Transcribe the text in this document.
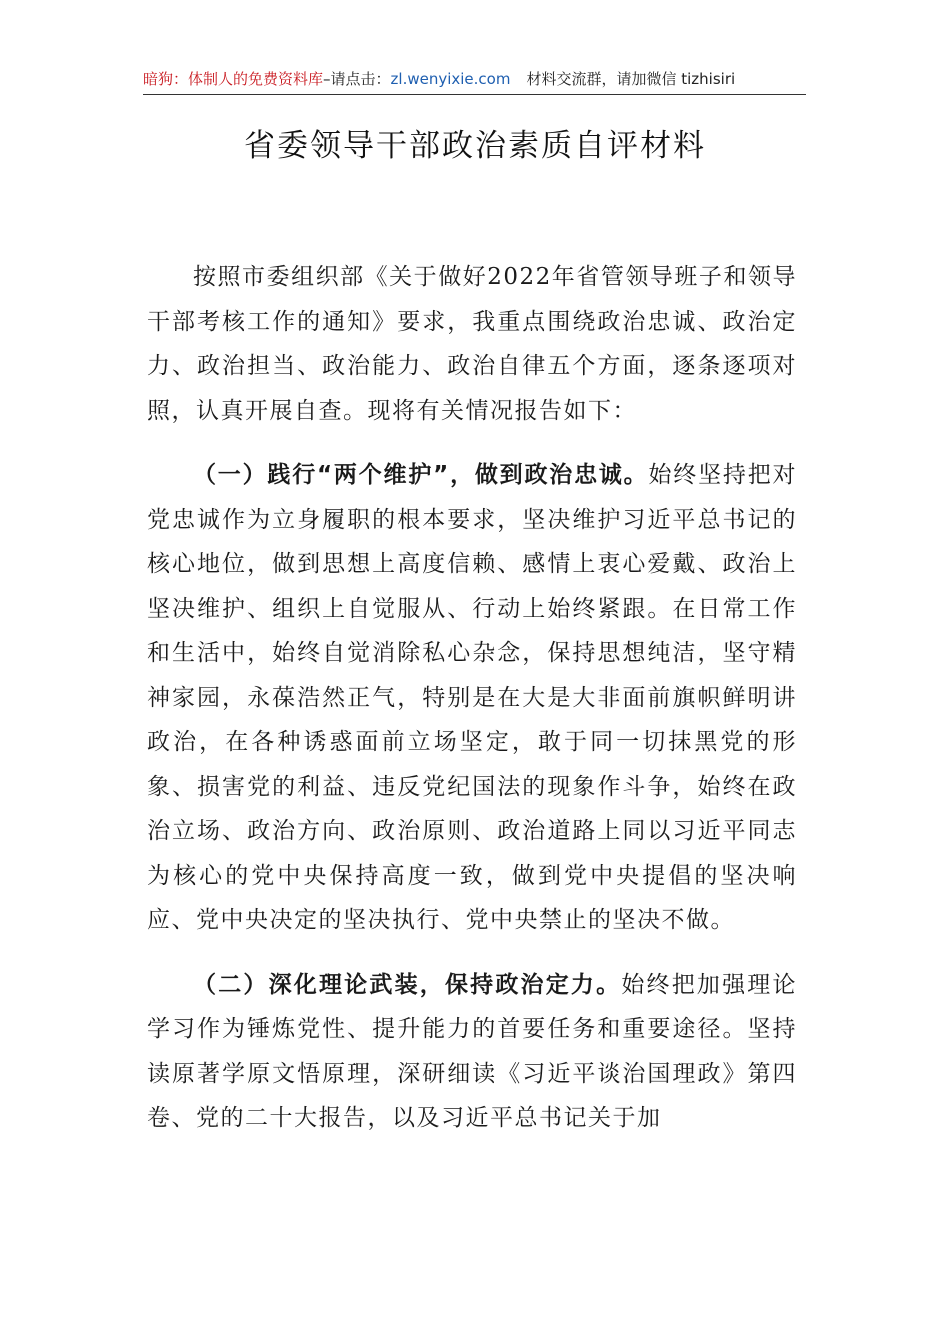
暗狗：体制人的免费资料库–请点击：zl.wenyixie.com 材料交流群，请加微信 tizhisiri
省委领导干部政治素质自评材料

按照市委组织部《关于做好2022年省管领导班子和领导干部考核工作的通知》要求，我重点围绕政治忠诚、政治定力、政治担当、政治能力、政治自律五个方面，逐条逐项对照，认真开展自查。现将有关情况报告如下：

（一）践行“两个维护”，做到政治忠诚。始终坚持把对党忠诚作为立身履职的根本要求，坚决维护习近平总书记的核心地位，做到思想上高度信赖、感情上衷心爱戴、政治上坚决维护、组织上自觉服从、行动上始终紧跟。在日常工作和生活中，始终自觉消除私心杂念，保持思想纯洁，坚守精神家园，永葆浩然正气，特别是在大是大非面前旗帜鲜明讲政治，在各种诱惑面前立场坚定，敢于同一切抹黑党的形象、损害党的利益、违反党纪国法的现象作斗争，始终在政治立场、政治方向、政治原则、政治道路上同以习近平同志为核心的党中央保持高度一致，做到党中央提倡的坚决响应、党中央决定的坚决执行、党中央禁止的坚决不做。

（二）深化理论武装，保持政治定力。始终把加强理论学习作为锤炼党性、提升能力的首要任务和重要途径。坚持读原著学原文悟原理，深研细读《习近平谈治国理政》第四卷、党的二十大报告，以及习近平总书记关于加
